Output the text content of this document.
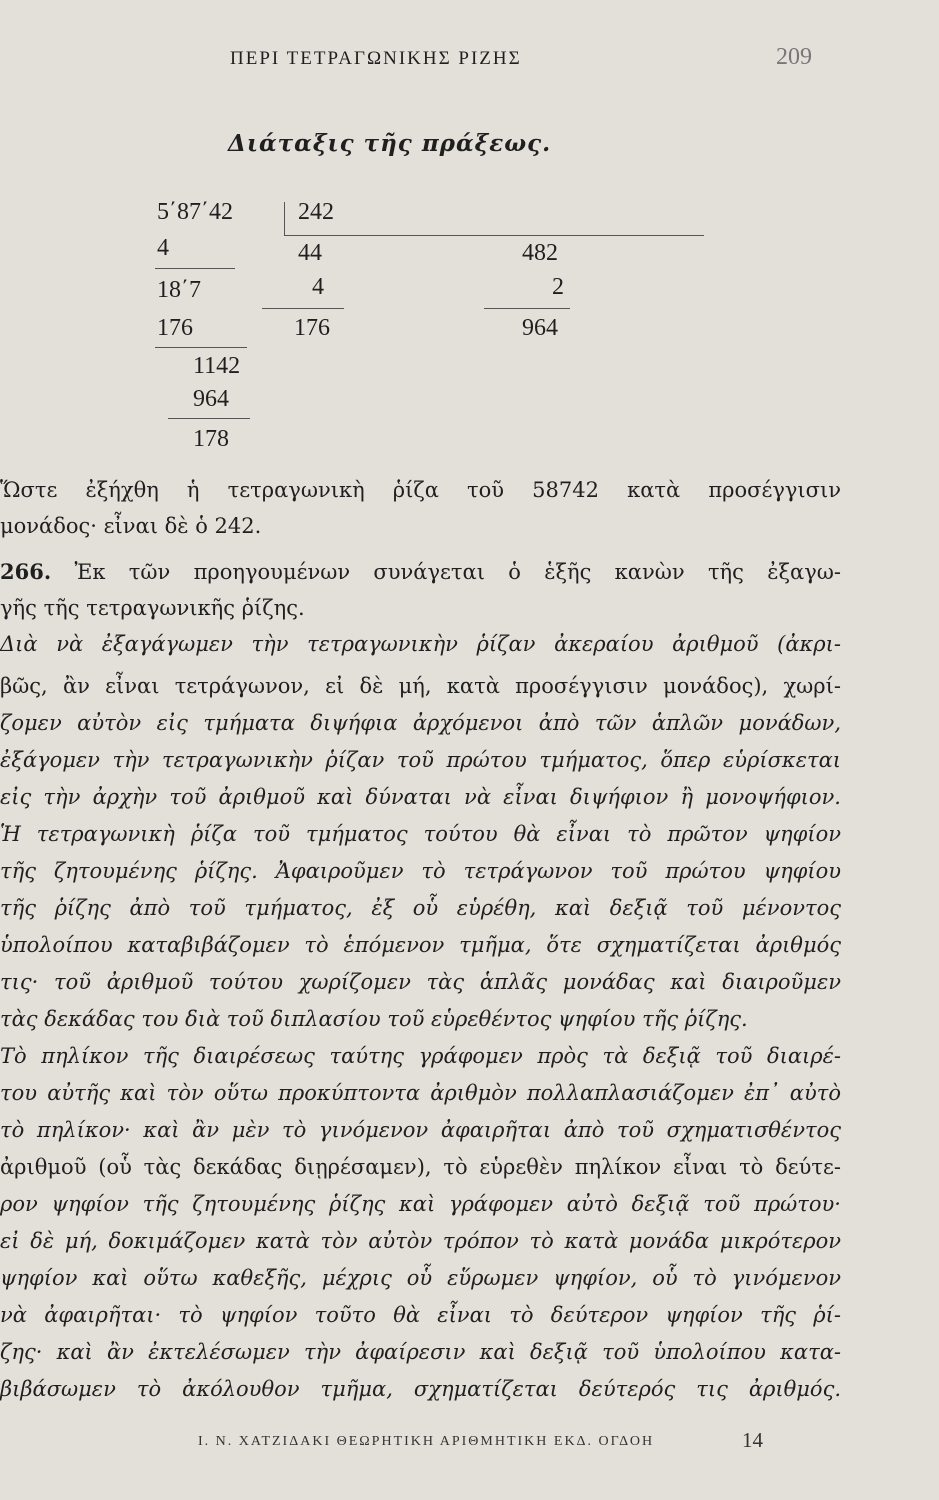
ΠΕΡΙ ΤΕΤΡΑΓΩΝΙΚΗΣ ΡΙΖΗΣ	209
Διάταξις τῆς πράξεως.
5΄87΄42
4
18΄7
176
1142
964
178
242
44
4
176
482
2
964
Ὥστε ἐξήχθη ἡ τετραγωνικὴ ῥίζα τοῦ 58742 κατὰ προσέγγισιν
μονάδος· εἶναι δὲ ὁ 242.
266. Ἐκ τῶν προηγουμένων συνάγεται ὁ ἑξῆς κανὼν τῆς ἐξαγω-
γῆς τῆς τετραγωνικῆς ῥίζης.
Διὰ νὰ ἐξαγάγωμεν τὴν τετραγωνικὴν ῥίζαν ἀκεραίου ἀριθμοῦ (ἀκρι-
βῶς, ἂν εἶναι τετράγωνον, εἰ δὲ μή, κατὰ προσέγγισιν μονάδος), χωρί-
ζομεν αὐτὸν εἰς τμήματα διψήφια ἀρχόμενοι ἀπὸ τῶν ἁπλῶν μονάδων,
ἐξάγομεν τὴν τετραγωνικὴν ῥίζαν τοῦ πρώτου τμήματος, ὅπερ εὑρίσκεται
εἰς τὴν ἀρχὴν τοῦ ἀριθμοῦ καὶ δύναται νὰ εἶναι διψήφιον ἢ μονοψήφιον.
Ἡ τετραγωνικὴ ῥίζα τοῦ τμήματος τούτου θὰ εἶναι τὸ πρῶτον ψηφίον
τῆς ζητουμένης ῥίζης. Ἀφαιροῦμεν τὸ τετράγωνον τοῦ πρώτου ψηφίου
τῆς ῥίζης ἀπὸ τοῦ τμήματος, ἐξ οὗ εὑρέθη, καὶ δεξιᾷ τοῦ μένοντος
ὑπολοίπου καταβιβάζομεν τὸ ἑπόμενον τμῆμα, ὅτε σχηματίζεται ἀριθμός
τις· τοῦ ἀριθμοῦ τούτου χωρίζομεν τὰς ἁπλᾶς μονάδας καὶ διαιροῦμεν
τὰς δεκάδας του διὰ τοῦ διπλασίου τοῦ εὑρεθέντος ψηφίου τῆς ῥίζης.
Τὸ πηλίκον τῆς διαιρέσεως ταύτης γράφομεν πρὸς τὰ δεξιᾷ τοῦ διαιρέ-
του αὐτῆς καὶ τὸν οὕτω προκύπτοντα ἀριθμὸν πολλαπλασιάζομεν ἐπ᾽ αὐτὸ
τὸ πηλίκον· καὶ ἂν μὲν τὸ γινόμενον ἀφαιρῆται ἀπὸ τοῦ σχηματισθέντος
ἀριθμοῦ (οὗ τὰς δεκάδας διῃρέσαμεν), τὸ εὑρεθὲν πηλίκον εἶναι τὸ δεύτε-
ρον ψηφίον τῆς ζητουμένης ῥίζης καὶ γράφομεν αὐτὸ δεξιᾷ τοῦ πρώτου·
εἰ δὲ μή, δοκιμάζομεν κατὰ τὸν αὐτὸν τρόπον τὸ κατὰ μονάδα μικρότερον
ψηφίον καὶ οὕτω καθεξῆς, μέχρις οὗ εὕρωμεν ψηφίον, οὗ τὸ γινόμενον
νὰ ἀφαιρῆται· τὸ ψηφίον τοῦτο θὰ εἶναι τὸ δεύτερον ψηφίον τῆς ῥί-
ζης· καὶ ἂν ἐκτελέσωμεν τὴν ἀφαίρεσιν καὶ δεξιᾷ τοῦ ὑπολοίπου κατα-
βιβάσωμεν τὸ ἀκόλουθον τμῆμα, σχηματίζεται δεύτερός τις ἀριθμός.
Ι. Ν. ΧΑΤΖΙΔΑΚΙ ΘΕΩΡΗΤΙΚΗ ΑΡΙΘΜΗΤΙΚΗ ΕΚΔ. ΟΓΔΟΗ	14
